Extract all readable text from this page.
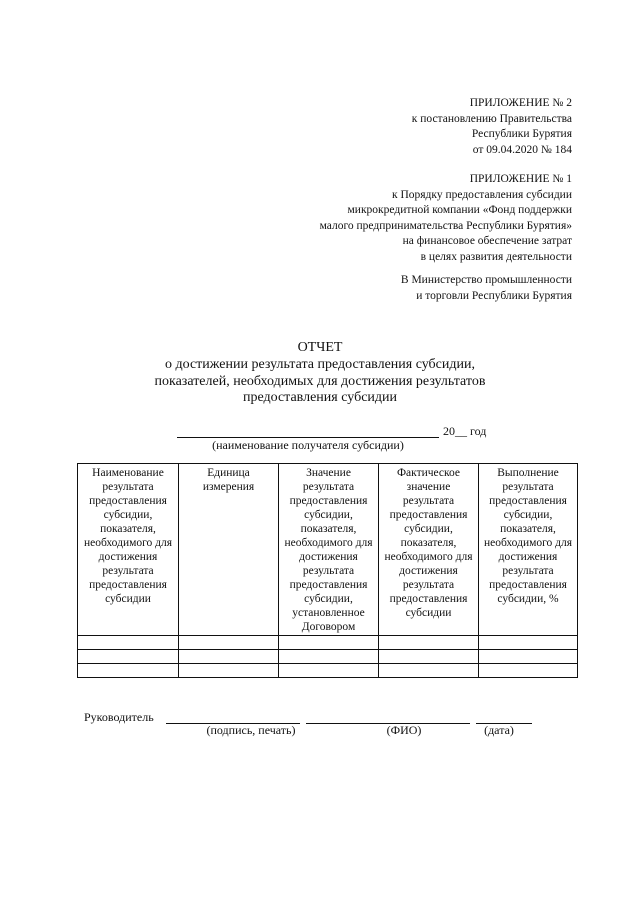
ПРИЛОЖЕНИЕ № 2
к постановлению Правительства
Республики Бурятия
от 09.04.2020 № 184
ПРИЛОЖЕНИЕ № 1
к Порядку предоставления субсидии
микрокредитной компании «Фонд поддержки
малого предпринимательства Республики Бурятия»
на финансовое обеспечение затрат
в целях развития деятельности
В Министерство промышленности
и торговли Республики Бурятия
ОТЧЕТ
о достижении результата предоставления субсидии,
показателей, необходимых для достижения результатов
предоставления субсидии
20__ год
(наименование получателя субсидии)
Наименование результата предоставления субсидии, показателя, необходимого для достижения результата предоставления субсидии	Единица измерения	Значение результата предоставления субсидии, показателя, необходимого для достижения результата предоставления субсидии, установленное Договором	Фактическое значение результата предоставления субсидии, показателя, необходимого для достижения результата предоставления субсидии	Выполнение результата предоставления субсидии, показателя, необходимого для достижения результата предоставления субсидии, %

Руководитель
(подпись, печать)	(ФИО)	(дата)
